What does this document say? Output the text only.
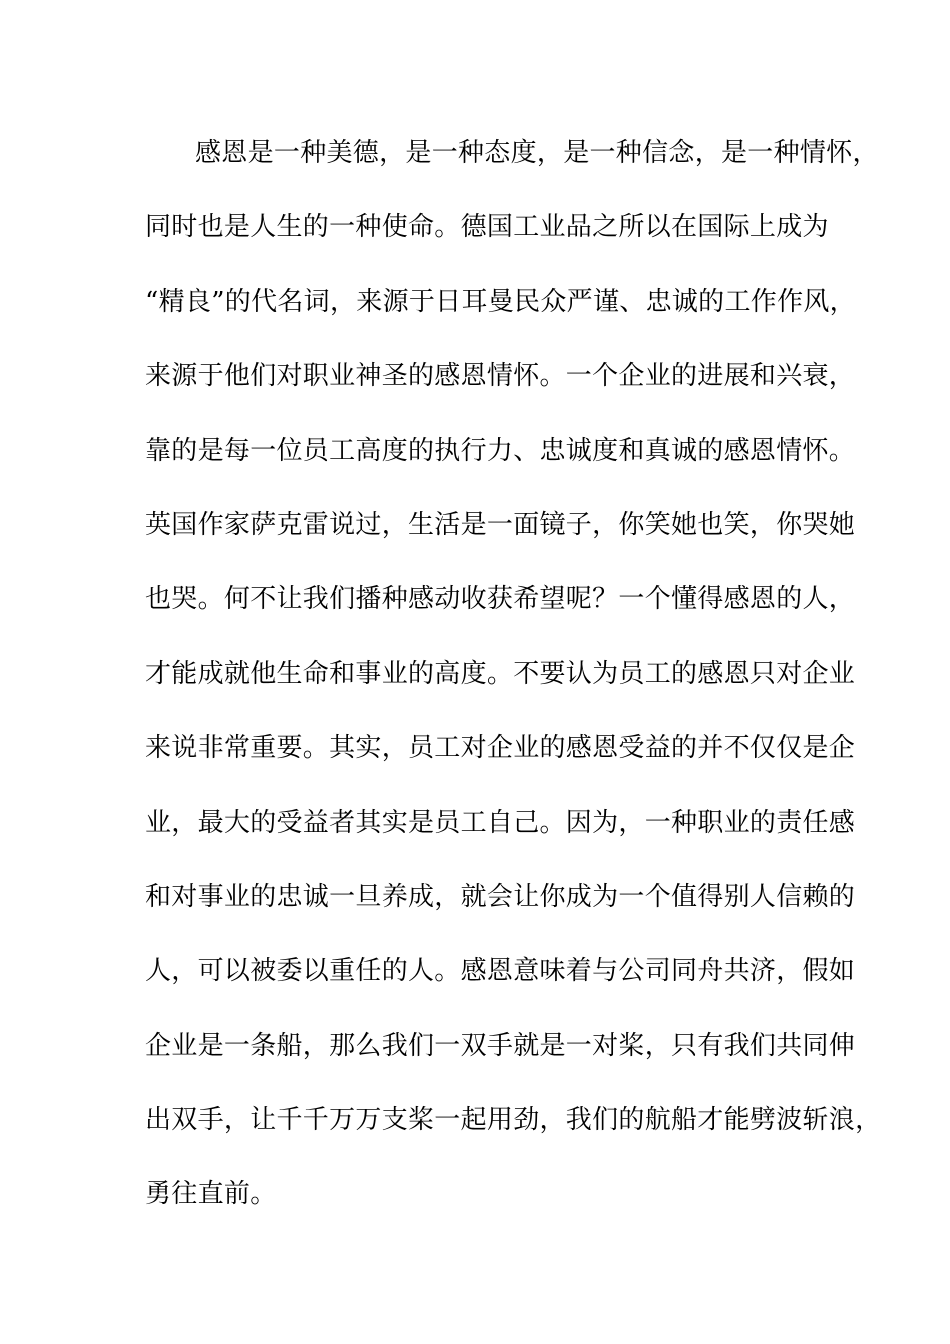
感恩是一种美德，是一种态度，是一种信念，是一种情怀，
同时也是人生的一种使命。德国工业品之所以在国际上成为
“精良”的代名词，来源于日耳曼民众严谨、忠诚的工作作风，
来源于他们对职业神圣的感恩情怀。一个企业的进展和兴衰，
靠的是每一位员工高度的执行力、忠诚度和真诚的感恩情怀。
英国作家萨克雷说过，生活是一面镜子，你笑她也笑，你哭她
也哭。何不让我们播种感动收获希望呢？一个懂得感恩的人，
才能成就他生命和事业的高度。不要认为员工的感恩只对企业
来说非常重要。其实，员工对企业的感恩受益的并不仅仅是企
业，最大的受益者其实是员工自己。因为，一种职业的责任感
和对事业的忠诚一旦养成，就会让你成为一个值得别人信赖的
人，可以被委以重任的人。感恩意味着与公司同舟共济，假如
企业是一条船，那么我们一双手就是一对桨，只有我们共同伸
出双手，让千千万万支桨一起用劲，我们的航船才能劈波斩浪，
勇往直前。
